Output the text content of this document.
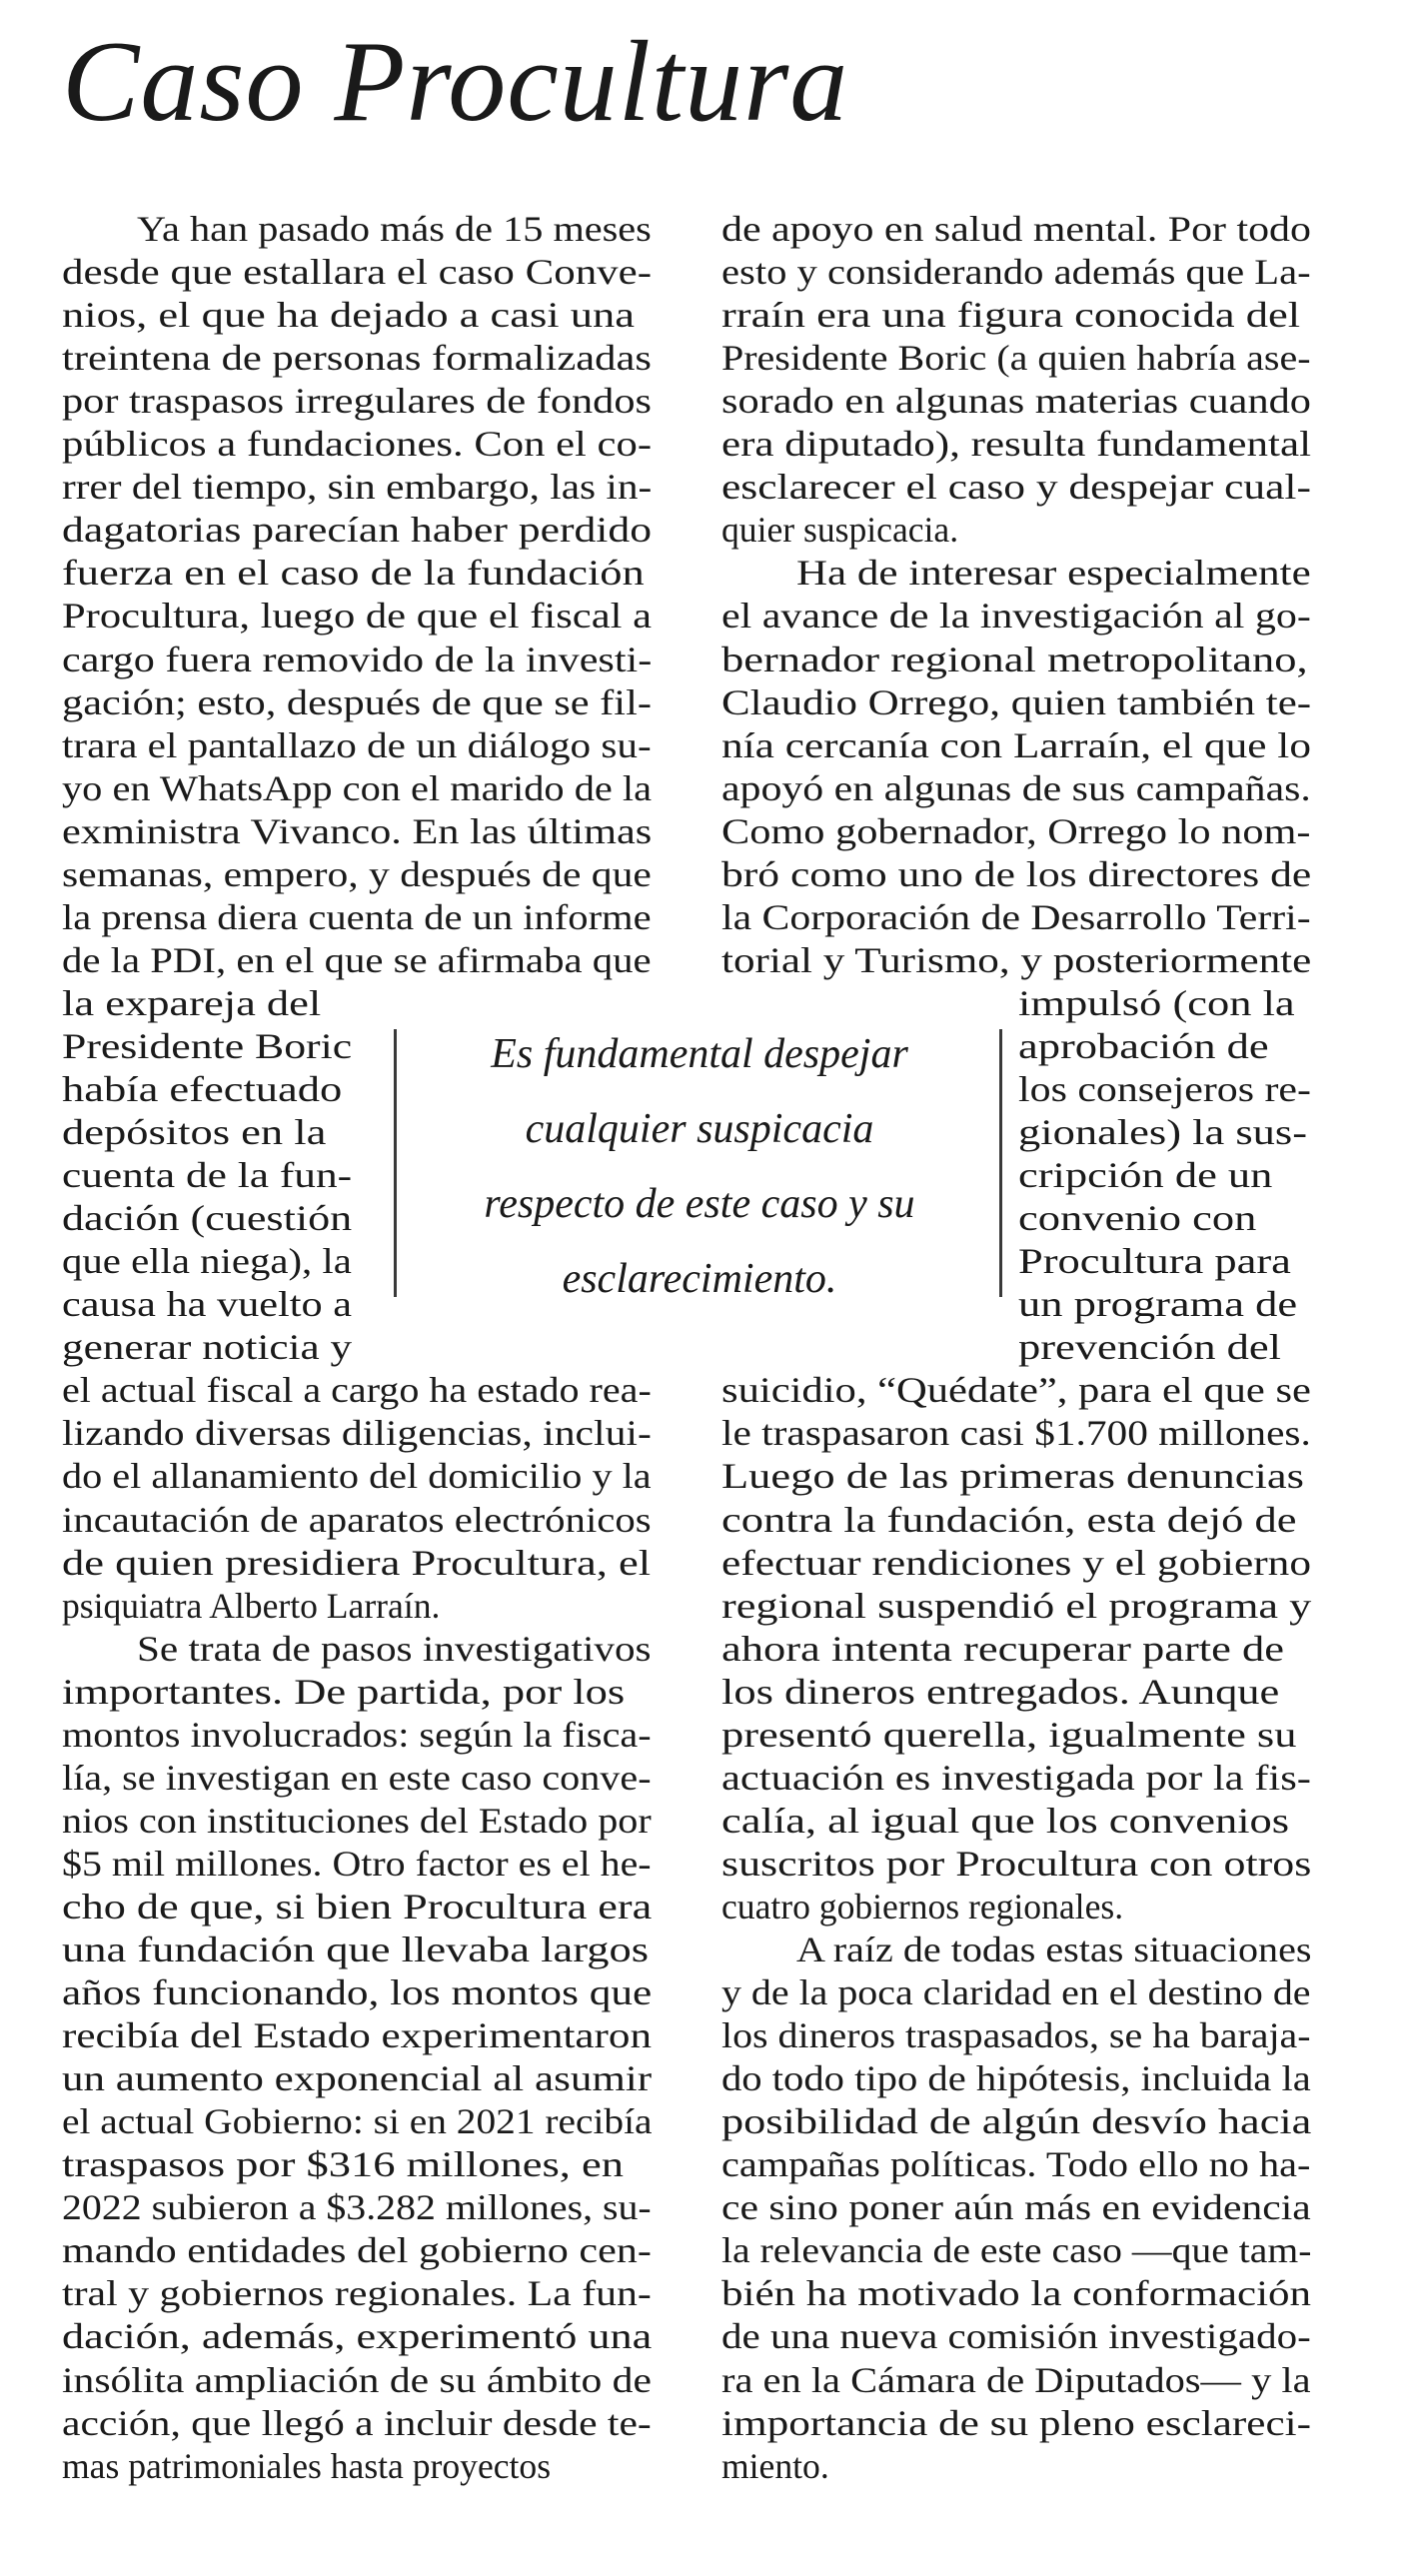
Caso Procultura
Ya han pasado más de 15 meses
desde que estallara el caso Conve-
nios, el que ha dejado a casi una
treintena de personas formalizadas
por traspasos irregulares de fondos
públicos a fundaciones. Con el co-
rrer del tiempo, sin embargo, las in-
dagatorias parecían haber perdido
fuerza en el caso de la fundación
Procultura, luego de que el fiscal a
cargo fuera removido de la investi-
gación; esto, después de que se fil-
trara el pantallazo de un diálogo su-
yo en WhatsApp con el marido de la
exministra Vivanco. En las últimas
semanas, empero, y después de que
la prensa diera cuenta de un informe
de la PDI, en el que se afirmaba que
la expareja del
Presidente Boric
había efectuado
depósitos en la
cuenta de la fun-
dación (cuestión
que ella niega), la
causa ha vuelto a
generar noticia y
el actual fiscal a cargo ha estado rea-
lizando diversas diligencias, inclui-
do el allanamiento del domicilio y la
incautación de aparatos electrónicos
de quien presidiera Procultura, el
psiquiatra Alberto Larraín.
Se trata de pasos investigativos
importantes. De partida, por los
montos involucrados: según la fisca-
lía, se investigan en este caso conve-
nios con instituciones del Estado por
$5 mil millones. Otro factor es el he-
cho de que, si bien Procultura era
una fundación que llevaba largos
años funcionando, los montos que
recibía del Estado experimentaron
un aumento exponencial al asumir
el actual Gobierno: si en 2021 recibía
traspasos por $316 millones, en
2022 subieron a $3.282 millones, su-
mando entidades del gobierno cen-
tral y gobiernos regionales. La fun-
dación, además, experimentó una
insólita ampliación de su ámbito de
acción, que llegó a incluir desde te-
mas patrimoniales hasta proyectos
de apoyo en salud mental. Por todo
esto y considerando además que La-
rraín era una figura conocida del
Presidente Boric (a quien habría ase-
sorado en algunas materias cuando
era diputado), resulta fundamental
esclarecer el caso y despejar cual-
quier suspicacia.
Ha de interesar especialmente
el avance de la investigación al go-
bernador regional metropolitano,
Claudio Orrego, quien también te-
nía cercanía con Larraín, el que lo
apoyó en algunas de sus campañas.
Como gobernador, Orrego lo nom-
bró como uno de los directores de
la Corporación de Desarrollo Terri-
torial y Turismo, y posteriormente
impulsó (con la
aprobación de
los consejeros re-
gionales) la sus-
cripción de un
convenio con
Procultura para
un programa de
prevención del
suicidio, “Quédate”, para el que se
le traspasaron casi $1.700 millones.
Luego de las primeras denuncias
contra la fundación, esta dejó de
efectuar rendiciones y el gobierno
regional suspendió el programa y
ahora intenta recuperar parte de
los dineros entregados. Aunque
presentó querella, igualmente su
actuación es investigada por la fis-
calía, al igual que los convenios
suscritos por Procultura con otros
cuatro gobiernos regionales.
A raíz de todas estas situaciones
y de la poca claridad en el destino de
los dineros traspasados, se ha baraja-
do todo tipo de hipótesis, incluida la
posibilidad de algún desvío hacia
campañas políticas. Todo ello no ha-
ce sino poner aún más en evidencia
la relevancia de este caso —que tam-
bién ha motivado la conformación
de una nueva comisión investigado-
ra en la Cámara de Diputados— y la
importancia de su pleno esclareci-
miento.
Es fundamental despejar
cualquier suspicacia
respecto de este caso y su
esclarecimiento.
